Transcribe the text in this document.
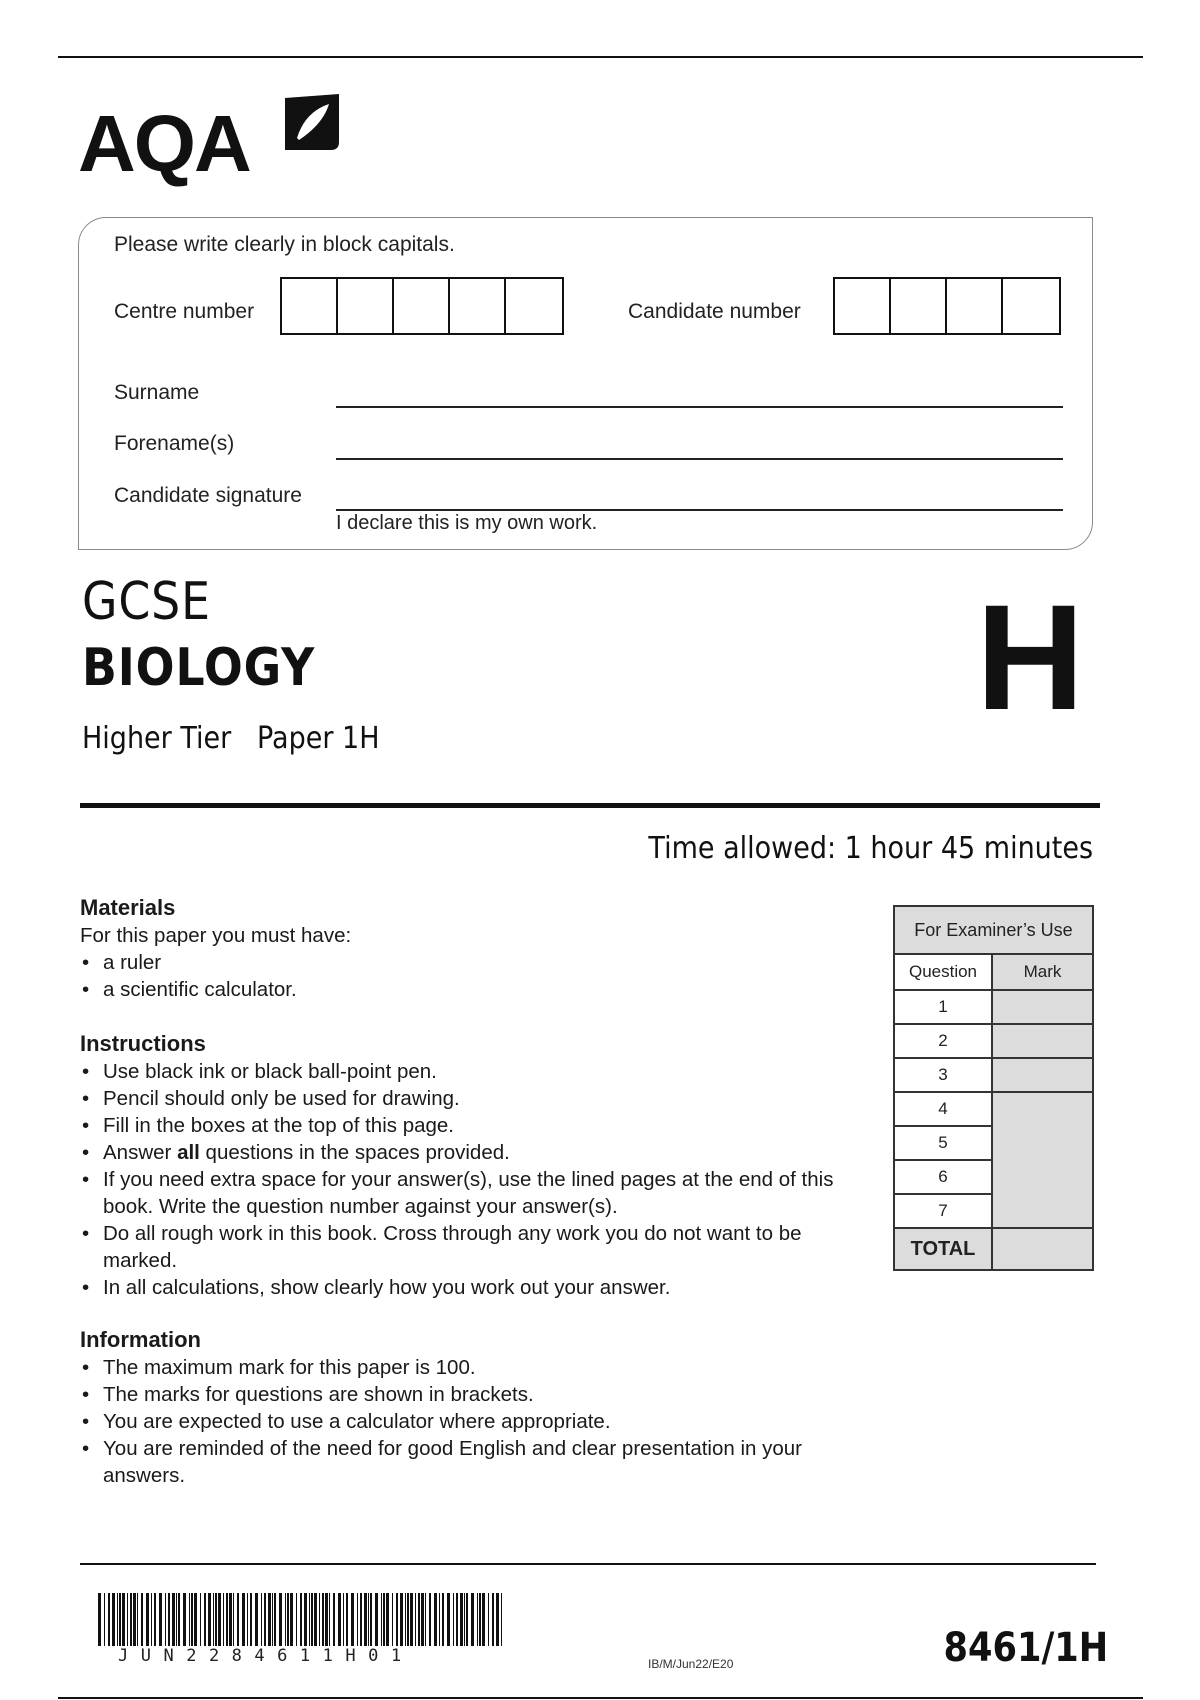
AQA
Please write clearly in block capitals.
Centre number	Candidate number
Surname
Forename(s)
Candidate signature
I declare this is my own work.
GCSE
BIOLOGY
Higher Tier Paper 1H	H
Time allowed: 1 hour 45 minutes
Materials
For this paper you must have:
• a ruler
• a scientific calculator.
Instructions
• Use black ink or black ball-point pen.
• Pencil should only be used for drawing.
• Fill in the boxes at the top of this page.
• Answer all questions in the spaces provided.
• If you need extra space for your answer(s), use the lined pages at the end of this book. Write the question number against your answer(s).
• Do all rough work in this book. Cross through any work you do not want to be marked.
• In all calculations, show clearly how you work out your answer.
Information
• The maximum mark for this paper is 100.
• The marks for questions are shown in brackets.
• You are expected to use a calculator where appropriate.
• You are reminded of the need for good English and clear presentation in your answers.
For Examiner’s Use	
Question	Mark
1	
2	
3	
4	
5	
6	
7	
TOTAL	
JUN2284611H01	IB/M/Jun22/E20	8461/1H
